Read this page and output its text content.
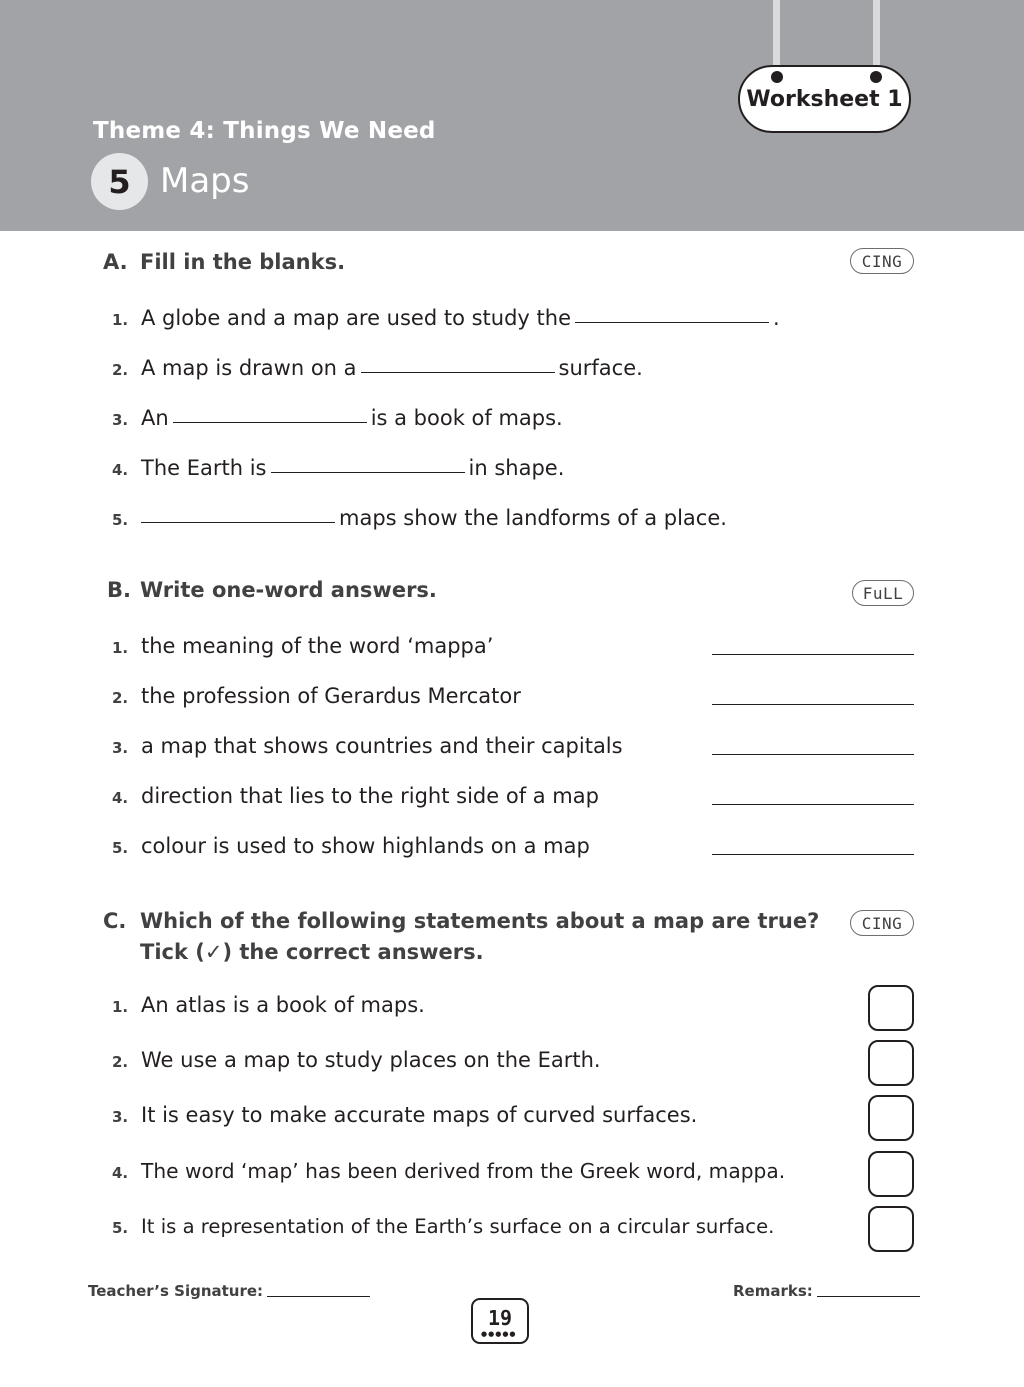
Worksheet 1
Theme 4: Things We Need
5 Maps
A. Fill in the blanks.	CING
1. A globe and a map are used to study the	.
2. A map is drawn on a	surface.
3. An	is a book of maps.
4. The Earth is	in shape.
5.	maps show the landforms of a place.
B. Write one-word answers.	FuLL
1. the meaning of the word ‘mappa’
2. the profession of Gerardus Mercator
3. a map that shows countries and their capitals
4. direction that lies to the right side of a map
5. colour is used to show highlands on a map
C. Which of the following statements about a map are true?
Tick (✓) the correct answers.
CING
1. An atlas is a book of maps.
2. We use a map to study places on the Earth.
3. It is easy to make accurate maps of curved surfaces.
4. The word ‘map’ has been derived from the Greek word, mappa.
5. It is a representation of the Earth’s surface on a circular surface.
Teacher’s Signature:	Remarks:
19
●●●●●
